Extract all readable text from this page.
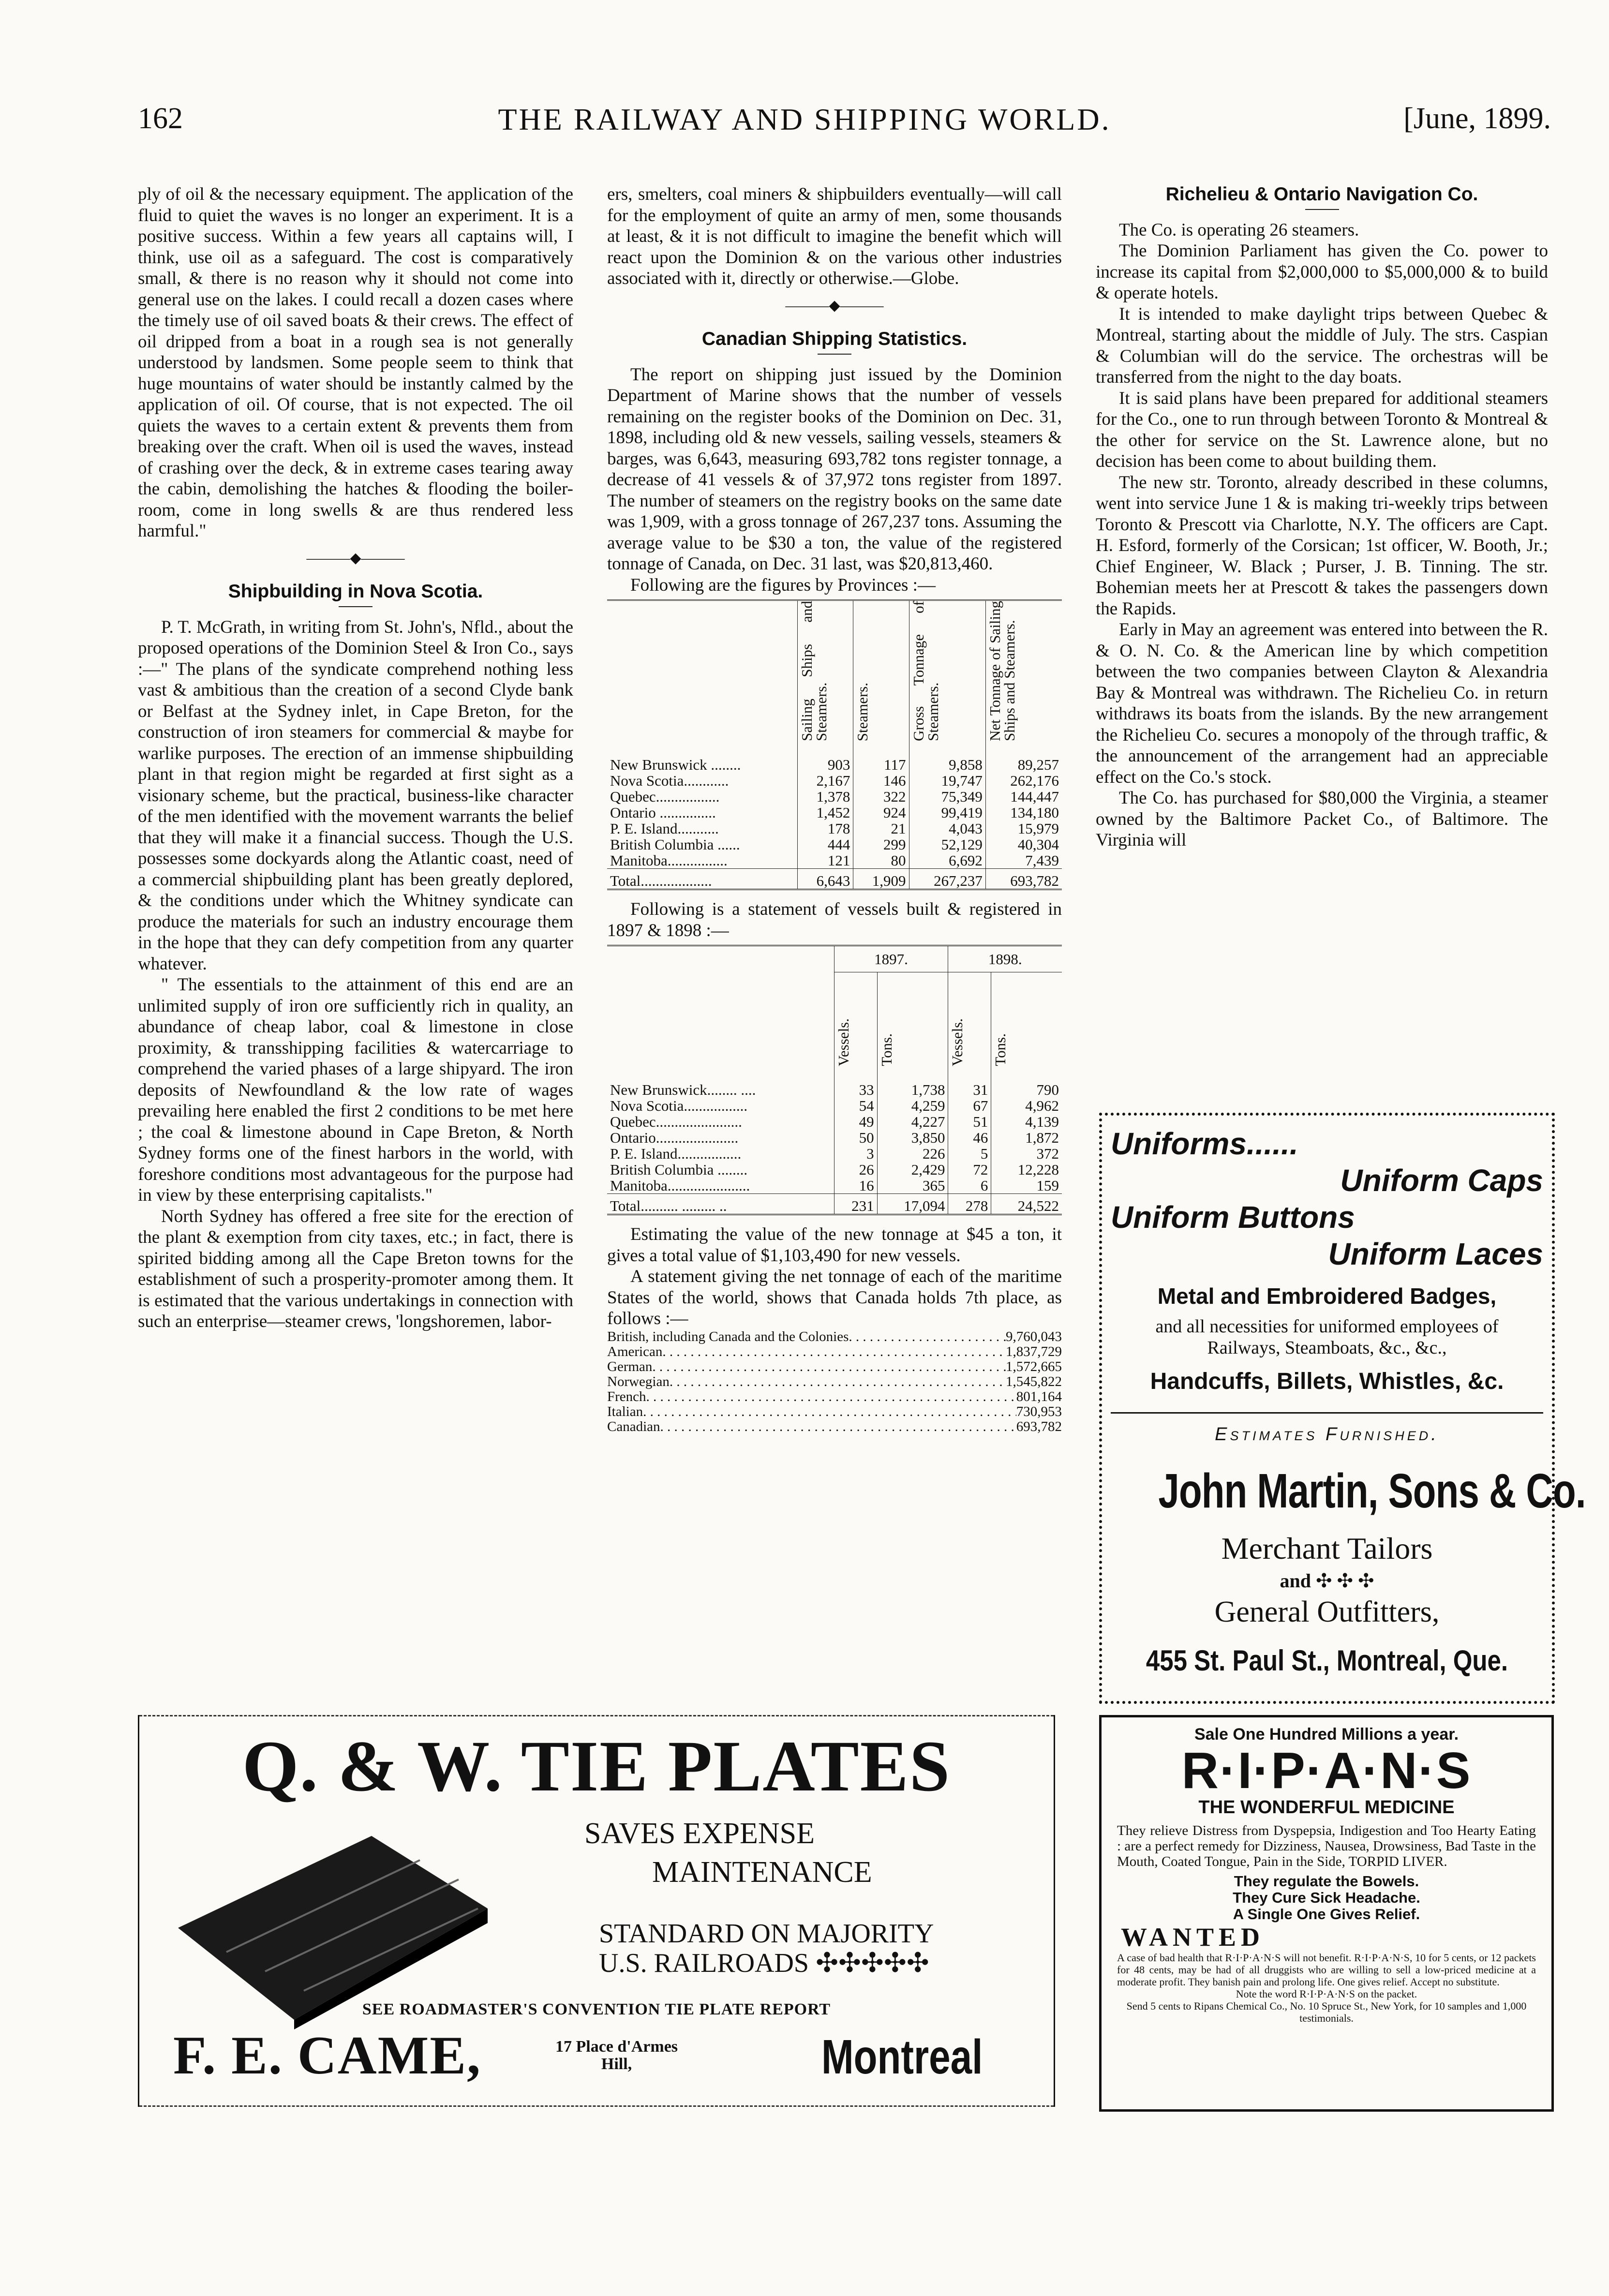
162	THE RAILWAY AND SHIPPING WORLD.	[June, 1899.

ply of oil & the necessary equipment. The application of the fluid to quiet the waves is no longer an experiment. It is a positive success. Within a few years all captains will, I think, use oil as a safeguard. The cost is comparatively small, & there is no reason why it should not come into general use on the lakes. I could recall a dozen cases where the timely use of oil saved boats & their crews. The effect of oil dripped from a boat in a rough sea is not generally understood by landsmen. Some people seem to think that huge mountains of water should be instantly calmed by the application of oil. Of course, that is not expected. The oil quiets the waves to a certain extent & prevents them from breaking over the craft. When oil is used the waves, instead of crashing over the deck, & in extreme cases tearing away the cabin, demolishing the hatches & flooding the boiler-room, come in long swells & are thus rendered less harmful."

———◆———
Shipbuilding in Nova Scotia.

P. T. McGrath, in writing from St. John's, Nfld., about the proposed operations of the Dominion Steel & Iron Co., says :—" The plans of the syndicate comprehend nothing less vast & ambitious than the creation of a second Clyde bank or Belfast at the Sydney inlet, in Cape Breton, for the construction of iron steamers for commercial & maybe for warlike purposes. The erection of an immense shipbuilding plant in that region might be regarded at first sight as a visionary scheme, but the practical, business-like character of the men identified with the movement warrants the belief that they will make it a financial success. Though the U.S. possesses some dockyards along the Atlantic coast, need of a commercial shipbuilding plant has been greatly deplored, & the conditions under which the Whitney syndicate can produce the materials for such an industry encourage them in the hope that they can defy competition from any quarter whatever.

" The essentials to the attainment of this end are an unlimited supply of iron ore sufficiently rich in quality, an abundance of cheap labor, coal & limestone in close proximity, & transshipping facilities & watercarriage to comprehend the varied phases of a large shipyard. The iron deposits of Newfoundland & the low rate of wages prevailing here enabled the first 2 conditions to be met here ; the coal & limestone abound in Cape Breton, & North Sydney forms one of the finest harbors in the world, with foreshore conditions most advantageous for the purpose had in view by these enterprising capitalists."

North Sydney has offered a free site for the erection of the plant & exemption from city taxes, etc.; in fact, there is spirited bidding among all the Cape Breton towns for the establishment of such a prosperity-promoter among them. It is estimated that the various undertakings in connection with such an enterprise—steamer crews, 'longshoremen, labor-

ers, smelters, coal miners & shipbuilders eventually—will call for the employment of quite an army of men, some thousands at least, & it is not difficult to imagine the benefit which will react upon the Dominion & on the various other industries associated with it, directly or otherwise.—Globe.

———◆———
Canadian Shipping Statistics.

The report on shipping just issued by the Dominion Department of Marine shows that the number of vessels remaining on the register books of the Dominion on Dec. 31, 1898, including old & new vessels, sailing vessels, steamers & barges, was 6,643, measuring 693,782 tons register tonnage, a decrease of 41 vessels & of 37,972 tons register from 1897. The number of steamers on the registry books on the same date was 1,909, with a gross tonnage of 267,237 tons. Assuming the average value to be $30 a ton, the value of the registered tonnage of Canada, on Dec. 31 last, was $20,813,460.

Following are the figures by Provinces :—

	Sailing Ships and Steamers.	Steamers.	Gross Tonnage of Steamers.	Net Tonnage of Sailing Ships and Steamers.
New Brunswick ........	903	117	9,858	89,257
Nova Scotia............	2,167	146	19,747	262,176
Quebec.................	1,378	322	75,349	144,447
Ontario ...............	1,452	924	99,419	134,180
P. E. Island...........	178	21	4,043	15,979
British Columbia ......	444	299	52,129	40,304
Manitoba................	121	80	6,692	7,439
Total...................	6,643	1,909	267,237	693,782

Following is a statement of vessels built & registered in 1897 & 1898 :—

	1897.		1898.	
	Vessels.	Tons.	Vessels.	Tons.
New Brunswick........ ....	33	1,738	31	790
Nova Scotia.................	54	4,259	67	4,962
Quebec.......................	49	4,227	51	4,139
Ontario......................	50	3,850	46	1,872
P. E. Island.................	3	226	5	372
British Columbia ........	26	2,429	72	12,228
Manitoba......................	16	365	6	159
Total.......... ......... ..	231	17,094	278	24,522

Estimating the value of the new tonnage at $45 a ton, it gives a total value of $1,103,490 for new vessels.

A statement giving the net tonnage of each of the maritime States of the world, shows that Canada holds 7th place, as follows :—

British, including Canada and the Colonies . . .	9,760,043
American . . .	1,837,729
German . . .	1,572,665
Norwegian . . .	1,545,822
French . . .	801,164
Italian . . .	730,953
Canadian . . .	693,782
Richelieu & Ontario Navigation Co.

The Co. is operating 26 steamers.

The Dominion Parliament has given the Co. power to increase its capital from $2,000,000 to $5,000,000 & to build & operate hotels.

It is intended to make daylight trips between Quebec & Montreal, starting about the middle of July. The strs. Caspian & Columbian will do the service. The orchestras will be transferred from the night to the day boats.

It is said plans have been prepared for additional steamers for the Co., one to run through between Toronto & Montreal & the other for service on the St. Lawrence alone, but no decision has been come to about building them.

The new str. Toronto, already described in these columns, went into service June 1 & is making tri-weekly trips between Toronto & Prescott via Charlotte, N.Y. The officers are Capt. H. Esford, formerly of the Corsican; 1st officer, W. Booth, Jr.; Chief Engineer, W. Black ; Purser, J. B. Tinning. The str. Bohemian meets her at Prescott & takes the passengers down the Rapids.

Early in May an agreement was entered into between the R. & O. N. Co. & the American line by which competition between the two companies between Clayton & Alexandria Bay & Montreal was withdrawn. The Richelieu Co. in return withdraws its boats from the islands. By the new arrangement the Richelieu Co. secures a monopoly of the through traffic, & the announcement of the arrangement had an appreciable effect on the Co.'s stock.

The Co. has purchased for $80,000 the Virginia, a steamer owned by the Baltimore Packet Co., of Baltimore. The Virginia will

Uniforms......
Uniform Caps
Uniform Buttons
Uniform Laces
Metal and Embroidered Badges,
and all necessities for uniformed employees of Railways, Steamboats, &c., &c.,
Handcuffs, Billets, Whistles, &c.
Estimates Furnished.
John Martin, Sons & Co.
Merchant Tailors
and ✣ ✣ ✣
General Outfitters,
455 St. Paul St., Montreal, Que.
Q. & W. TIE PLATES
SAVES EXPENSE
MAINTENANCE
STANDARD ON MAJORITY
U.S. RAILROADS ✣✣✣✣✣
SEE ROADMASTER'S CONVENTION TIE PLATE REPORT
F. E. CAME,	17 Place d'Armes
Hill,	Montreal
Sale One Hundred Millions a year.
R·I·P·A·N·S
THE WONDERFUL MEDICINE
They relieve Distress from Dyspepsia, Indigestion and Too Hearty Eating : are a perfect remedy for Dizziness, Nausea, Drowsiness, Bad Taste in the Mouth, Coated Tongue, Pain in the Side, TORPID LIVER.
They regulate the Bowels.
They Cure Sick Headache.
A Single One Gives Relief.
WANTED
A case of bad health that R·I·P·A·N·S will not benefit. R·I·P·A·N·S, 10 for 5 cents, or 12 packets for 48 cents, may be had of all druggists who are willing to sell a low-priced medicine at a moderate profit. They banish pain and prolong life. One gives relief. Accept no substitute.
Note the word R·I·P·A·N·S on the packet.
Send 5 cents to Ripans Chemical Co., No. 10 Spruce St., New York, for 10 samples and 1,000 testimonials.
